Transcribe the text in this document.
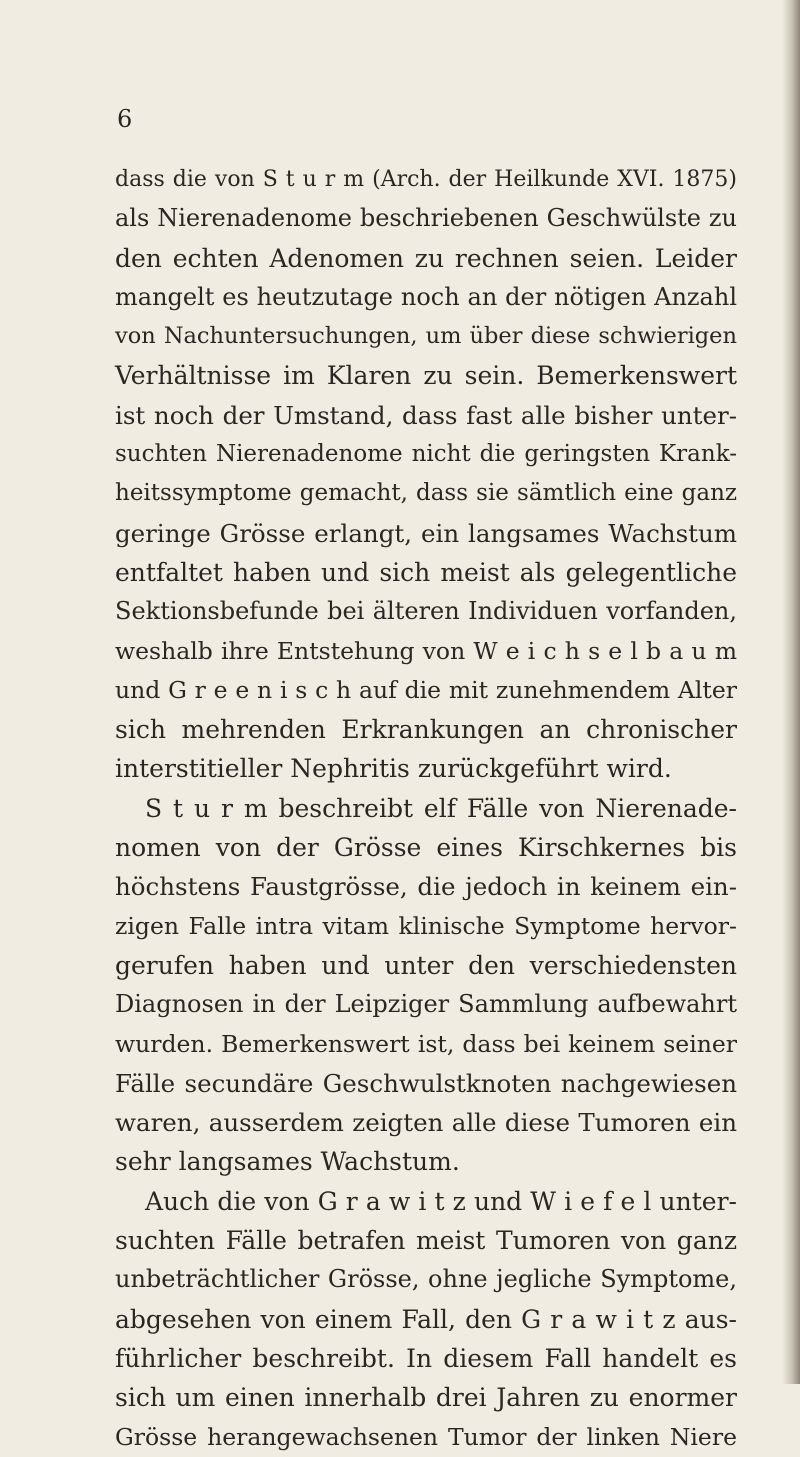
6
dass die von S t u r m (Arch. der Heilkunde XVI. 1875)
als Nierenadenome beschriebenen Geschwülste zu
den echten Adenomen zu rechnen seien. Leider
mangelt es heutzutage noch an der nötigen Anzahl
von Nachuntersuchungen, um über diese schwierigen
Verhältnisse im Klaren zu sein. Bemerkenswert
ist noch der Umstand, dass fast alle bisher unter-
suchten Nierenadenome nicht die geringsten Krank-
heitssymptome gemacht, dass sie sämtlich eine ganz
geringe Grösse erlangt, ein langsames Wachstum
entfaltet haben und sich meist als gelegentliche
Sektionsbefunde bei älteren Individuen vorfanden,
weshalb ihre Entstehung von W e i c h s e l b a u m
und G r e e n i s c h auf die mit zunehmendem Alter
sich mehrenden Erkrankungen an chronischer
interstitieller Nephritis zurückgeführt wird.
S t u r m beschreibt elf Fälle von Nierenade-
nomen von der Grösse eines Kirschkernes bis
höchstens Faustgrösse, die jedoch in keinem ein-
zigen Falle intra vitam klinische Symptome hervor-
gerufen haben und unter den verschiedensten
Diagnosen in der Leipziger Sammlung aufbewahrt
wurden. Bemerkenswert ist, dass bei keinem seiner
Fälle secundäre Geschwulstknoten nachgewiesen
waren, ausserdem zeigten alle diese Tumoren ein
sehr langsames Wachstum.
Auch die von G r a w i t z und W i e f e l unter-
suchten Fälle betrafen meist Tumoren von ganz
unbeträchtlicher Grösse, ohne jegliche Symptome,
abgesehen von einem Fall, den G r a w i t z aus-
führlicher beschreibt. In diesem Fall handelt es
sich um einen innerhalb drei Jahren zu enormer
Grösse herangewachsenen Tumor der linken Niere
